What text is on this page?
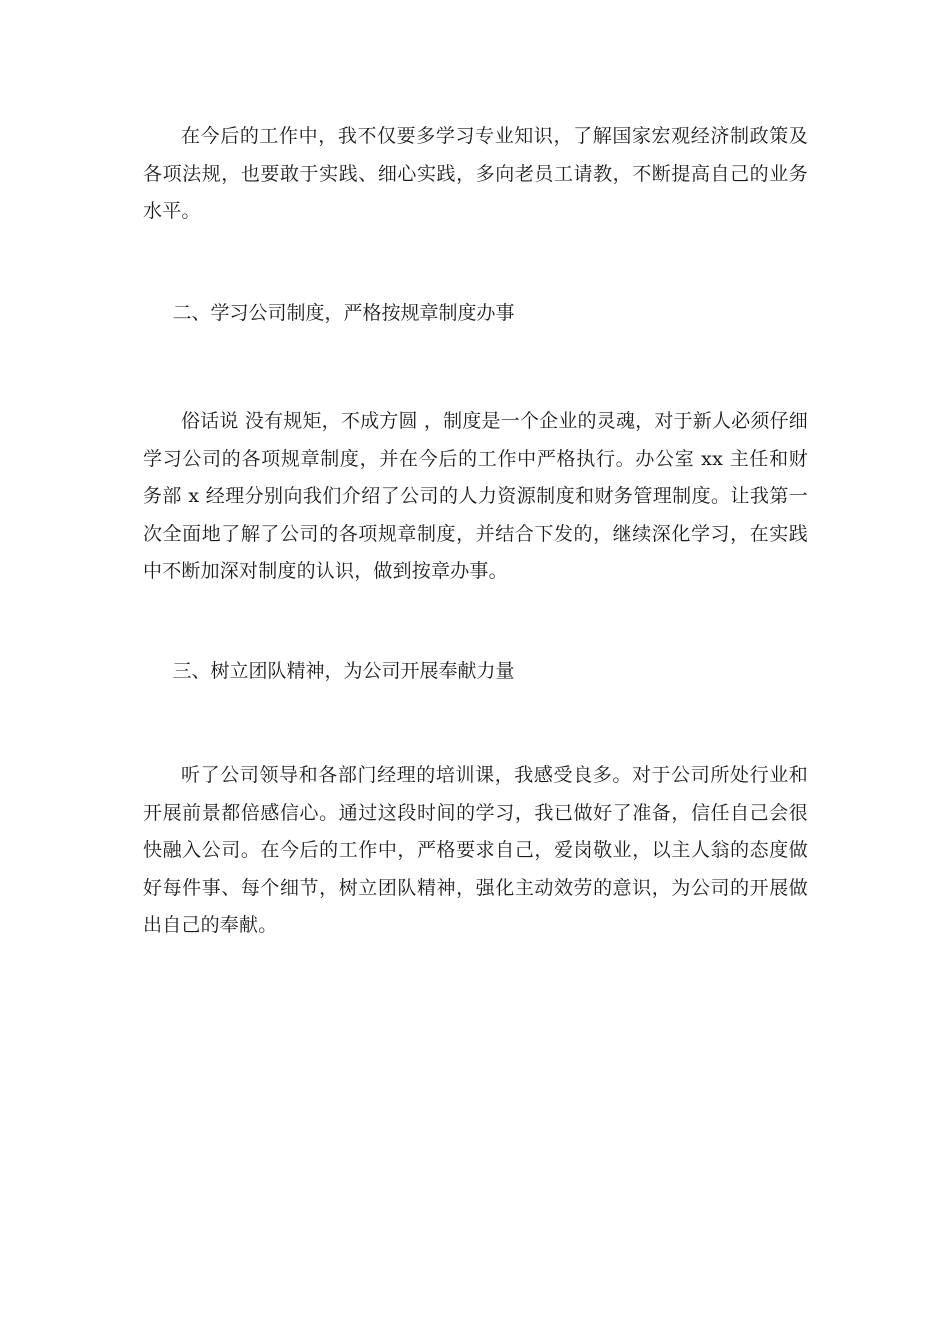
在今后的工作中，我不仅要多学习专业知识，了解国家宏观经济制政策及各项法规，也要敢于实践、细心实践，多向老员工请教，不断提高自己的业务水平。

二、学习公司制度，严格按规章制度办事

俗话说 没有规矩，不成方圆 ，制度是一个企业的灵魂，对于新人必须仔细学习公司的各项规章制度，并在今后的工作中严格执行。办公室 xx 主任和财务部 x 经理分别向我们介绍了公司的人力资源制度和财务管理制度。让我第一次全面地了解了公司的各项规章制度，并结合下发的，继续深化学习，在实践中不断加深对制度的认识，做到按章办事。

三、树立团队精神，为公司开展奉献力量

听了公司领导和各部门经理的培训课，我感受良多。对于公司所处行业和开展前景都倍感信心。通过这段时间的学习，我已做好了准备，信任自己会很快融入公司。在今后的工作中，严格要求自己，爱岗敬业，以主人翁的态度做好每件事、每个细节，树立团队精神，强化主动效劳的意识，为公司的开展做出自己的奉献。
